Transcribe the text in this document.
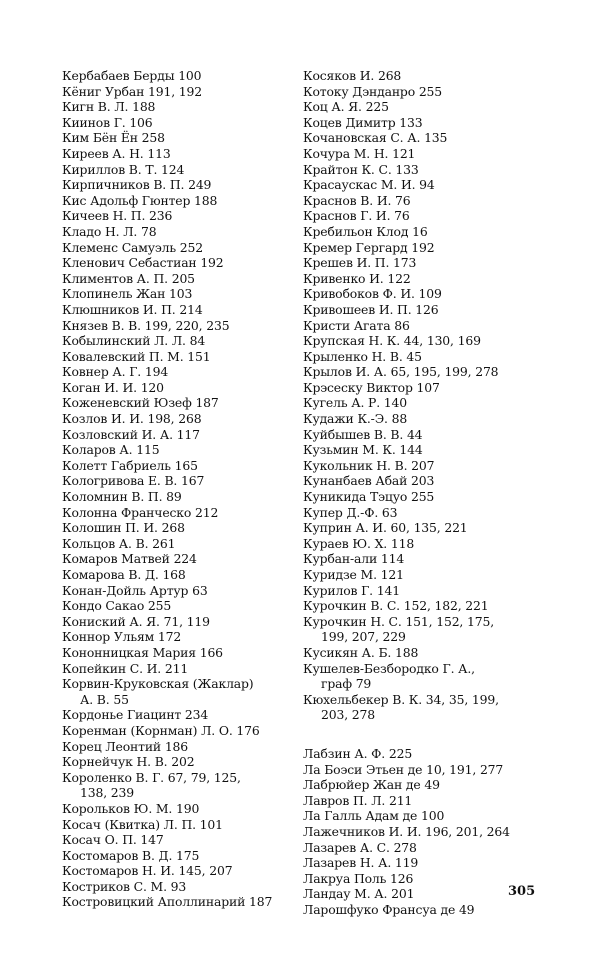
Кербабаев Берды 100
Кёниг Урбан 191, 192
Кигн В. Л. 188
Киинов Г. 106
Ким Бён Ён 258
Киреев А. Н. 113
Кириллов В. Т. 124
Кирпичников В. П. 249
Кис Адольф Гюнтер 188
Кичеев Н. П. 236
Кладо Н. Л. 78
Клеменс Самуэль 252
Кленович Себастиан 192
Климентов А. П. 205
Клопинель Жан 103
Клюшников И. П. 214
Князев В. В. 199, 220, 235
Кобылинский Л. Л. 84
Ковалевский П. М. 151
Ковнер А. Г. 194
Коган И. И. 120
Коженевский Юзеф 187
Козлов И. И. 198, 268
Козловский И. А. 117
Коларов А. 115
Колетт Габриель 165
Кологривова Е. В. 167
Коломнин В. П. 89
Колонна Франческо 212
Колошин П. И. 268
Кольцов А. В. 261
Комаров Матвей 224
Комарова В. Д. 168
Конан-Дойль Артур 63
Кондо Сакао 255
Кониский А. Я. 71, 119
Коннор Ульям 172
Кононницкая Мария 166
Копейкин С. И. 211
Корвин-Круковская (Жаклар)
А. В. 55
Кордонье Гиацинт 234
Коренман (Корнман) Л. О. 176
Корец Леонтий 186
Корнейчук Н. В. 202
Короленко В. Г. 67, 79, 125,
138, 239
Корольков Ю. М. 190
Косач (Квитка) Л. П. 101
Косач О. П. 147
Костомаров В. Д. 175
Костомаров Н. И. 145, 207
Костриков С. М. 93
Костровицкий Аполлинарий 187
Косяков И. 268
Котоку Дэнданро 255
Коц А. Я. 225
Коцев Димитр 133
Кочановская С. А. 135
Кочура М. Н. 121
Крайтон К. С. 133
Красаускас М. И. 94
Краснов В. И. 76
Краснов Г. И. 76
Кребильон Клод 16
Кремер Гергард 192
Крешев И. П. 173
Кривенко И. 122
Кривобоков Ф. И. 109
Кривошеев И. П. 126
Кристи Агата 86
Крупская Н. К. 44, 130, 169
Крыленко Н. В. 45
Крылов И. А. 65, 195, 199, 278
Крэсеску Виктор 107
Кугель А. Р. 140
Кудажи К.-Э. 88
Куйбышев В. В. 44
Кузьмин М. К. 144
Кукольник Н. В. 207
Кунанбаев Абай 203
Куникида Тэцуо 255
Купер Д.-Ф. 63
Куприн А. И. 60, 135, 221
Кураев Ю. Х. 118
Курбан-али 114
Куридзе М. 121
Курилов Г. 141
Курочкин В. С. 152, 182, 221
Курочкин Н. С. 151, 152, 175,
199, 207, 229
Кусикян А. Б. 188
Кушелев-Безбородко Г. А.,
граф 79
Кюхельбекер В. К. 34, 35, 199,
203, 278
Лабзин А. Ф. 225
Ла Боэси Этьен де 10, 191, 277
Лабрюйер Жан де 49
Лавров П. Л. 211
Ла Галль Адам де 100
Лажечников И. И. 196, 201, 264
Лазарев А. С. 278
Лазарев Н. А. 119
Лакруа Поль 126
Ландау М. А. 201
Ларошфуко Франсуа де 49
305
